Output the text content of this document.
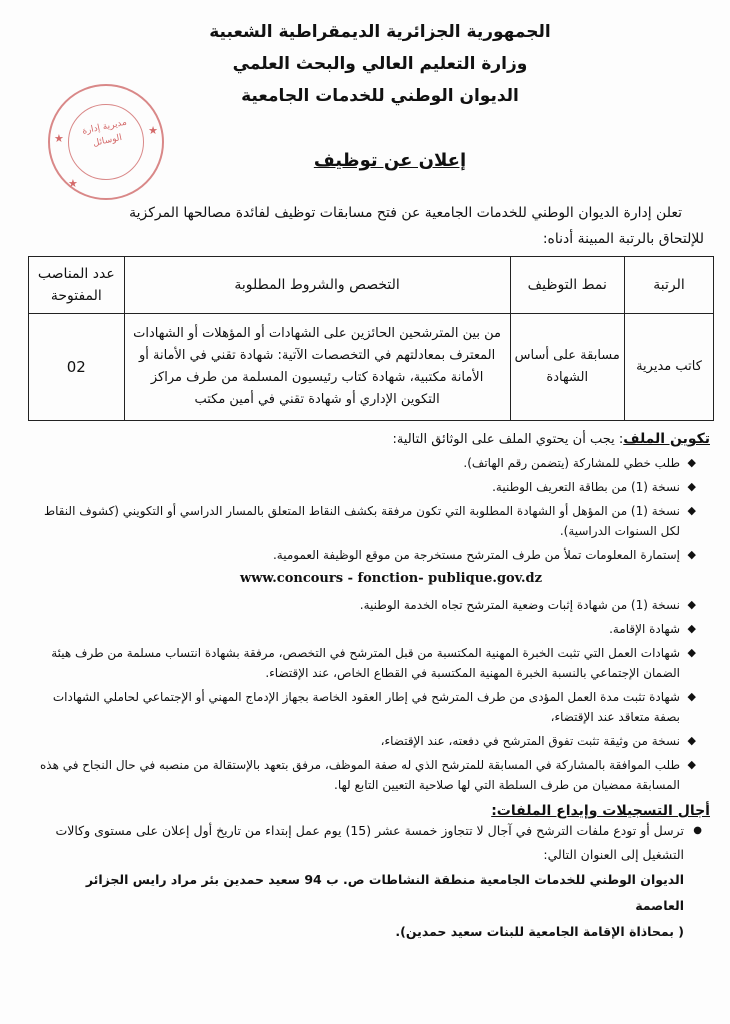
الجمهورية الجزائرية الديمقراطية الشعبية
وزارة التعليم العالي والبحث العلمي
الديوان الوطني للخدمات الجامعية
★
★
★
مديرية إدارة الوسائل
إعلان عن توظيف
تعلن إدارة الديوان الوطني للخدمات الجامعية عن فتح مسابقات توظيف لفائدة مصالحها المركزية
للإلتحاق بالرتبة المبينة أدناه:
الرتبة	نمط التوظيف	التخصص والشروط المطلوبة	عدد المناصب المفتوحة
كاتب مديرية	مسابقة على أساس الشهادة	من بين المترشحين الحائزين على الشهادات أو المؤهلات أو الشهادات المعترف بمعادلتهم في التخصصات الآتية: شهادة تقني في الأمانة أو الأمانة مكتبية، شهادة كتاب رئيسيون المسلمة من طرف مراكز التكوين الإداري أو شهادة تقني في أمين مكتب	02
تكوين الملف: يجب أن يحتوي الملف على الوثائق التالية:
◆
طلب خطي للمشاركة (يتضمن رقم الهاتف).
◆
نسخة (1) من بطاقة التعريف الوطنية.
◆
نسخة (1) من المؤهل أو الشهادة المطلوبة التي تكون مرفقة بكشف النقاط المتعلق بالمسار الدراسي أو التكويني (كشوف النقاط لكل السنوات الدراسية).
◆
إستمارة المعلومات تملأ من طرف المترشح مستخرجة من موقع الوظيفة العمومية.
www.concours - fonction- publique.gov.dz
◆
نسخة (1) من شهادة إثبات وضعية المترشح تجاه الخدمة الوطنية.
◆
شهادة الإقامة.
◆
شهادات العمل التي تثبت الخبرة المهنية المكتسبة من قبل المترشح في التخصص، مرفقة بشهادة انتساب مسلمة من طرف هيئة الضمان الإجتماعي بالنسبة الخبرة المهنية المكتسبة في القطاع الخاص، عند الإقتضاء.
◆
شهادة تثبت مدة العمل المؤدى من طرف المترشح في إطار العقود الخاصة بجهاز الإدماج المهني أو الإجتماعي لحاملي الشهادات بصفة متعاقد عند الإقتضاء،
◆
نسخة من وثيقة تثبت تفوق المترشح في دفعته، عند الإقتضاء،
◆
طلب الموافقة بالمشاركة في المسابقة للمترشح الذي له صفة الموظف، مرفق بتعهد بالإستقالة من منصبه في حال النجاح في هذه المسابقة ممضيان من طرف السلطة التي لها صلاحية التعيين التابع لها.
أجال التسجيلات وإيداع الملفات:
●
ترسل أو تودع ملفات الترشح في آجال لا تتجاوز خمسة عشر (15) يوم عمل إبتداء من تاريخ أول إعلان على مستوى وكالات التشغيل إلى العنوان التالي:
الديوان الوطني للخدمات الجامعية منطقة النشاطات ص. ب 94 سعيد حمدين بئر مراد رايس الجزائر العاصمة
( بمحاذاة الإقامة الجامعية للبنات سعيد حمدين).
